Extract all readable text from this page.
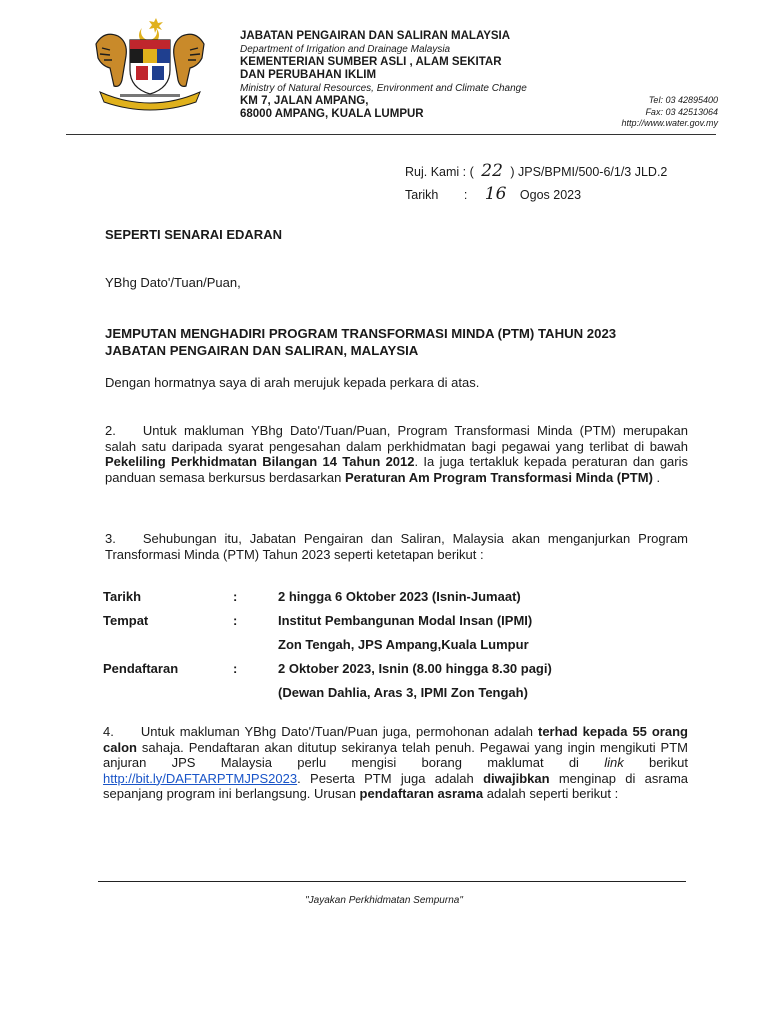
JABATAN PENGAIRAN DAN SALIRAN MALAYSIA
Department of Irrigation and Drainage Malaysia
KEMENTERIAN SUMBER ASLI , ALAM SEKITAR
DAN PERUBAHAN IKLIM
Ministry of Natural Resources, Environment and Climate Change
KM 7, JALAN AMPANG,
68000 AMPANG, KUALA LUMPUR
Tel: 03 42895400
Fax: 03 42513064
http://www.water.gov.my
Ruj. Kami : ( 22 ) JPS/BPMI/500-6/1/3 JLD.2
Tarikh : 16 Ogos 2023
SEPERTI SENARAI EDARAN
YBhg Dato'/Tuan/Puan,
JEMPUTAN MENGHADIRI PROGRAM TRANSFORMASI MINDA (PTM) TAHUN 2023
JABATAN PENGAIRAN DAN SALIRAN, MALAYSIA
Dengan hormatnya saya di arah merujuk kepada perkara di atas.
2. Untuk makluman YBhg Dato'/Tuan/Puan, Program Transformasi Minda (PTM) merupakan salah satu daripada syarat pengesahan dalam perkhidmatan bagi pegawai yang terlibat di bawah Pekeliling Perkhidmatan Bilangan 14 Tahun 2012. Ia juga tertakluk kepada peraturan dan garis panduan semasa berkursus berdasarkan Peraturan Am Program Transformasi Minda (PTM) .
3. Sehubungan itu, Jabatan Pengairan dan Saliran, Malaysia akan menganjurkan Program Transformasi Minda (PTM) Tahun 2023 seperti ketetapan berikut :
Tarikh	:	2 hingga 6 Oktober 2023 (Isnin-Jumaat)
Tempat	:	Institut Pembangunan Modal Insan (IPMI)
Zon Tengah, JPS Ampang,Kuala Lumpur
Pendaftaran	:	2 Oktober 2023, Isnin (8.00 hingga 8.30 pagi)
(Dewan Dahlia, Aras 3, IPMI Zon Tengah)
4. Untuk makluman YBhg Dato'/Tuan/Puan juga, permohonan adalah terhad kepada 55 orang calon sahaja. Pendaftaran akan ditutup sekiranya telah penuh. Pegawai yang ingin mengikuti PTM anjuran JPS Malaysia perlu mengisi borang maklumat di link berikut http://bit.ly/DAFTARPTMJPS2023. Peserta PTM juga adalah diwajibkan menginap di asrama sepanjang program ini berlangsung. Urusan pendaftaran asrama adalah seperti berikut :
"Jayakan Perkhidmatan Sempurna"
